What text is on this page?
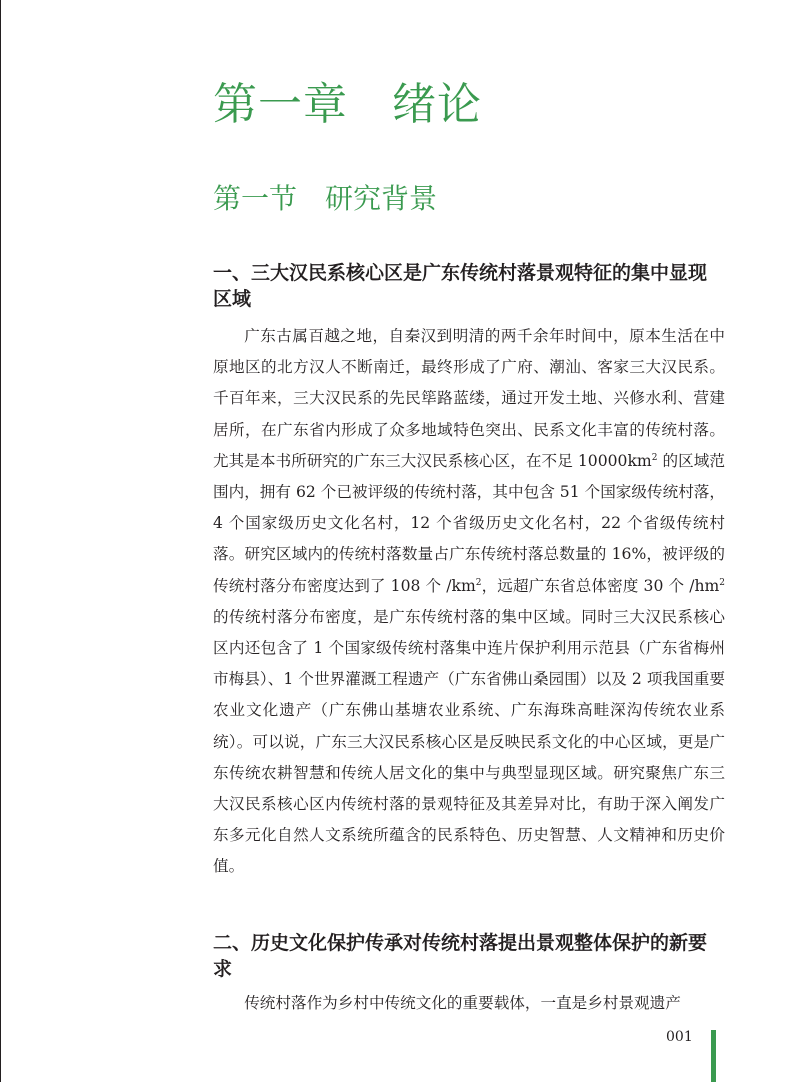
第一章 绪论
第一节 研究背景
一、三大汉民系核心区是广东传统村落景观特征的集中显现区域

广东古属百越之地，自秦汉到明清的两千余年时间中，原本生活在中原地区的北方汉人不断南迁，最终形成了广府、潮汕、客家三大汉民系。千百年来，三大汉民系的先民筚路蓝缕，通过开发土地、兴修水利、营建居所，在广东省内形成了众多地域特色突出、民系文化丰富的传统村落。尤其是本书所研究的广东三大汉民系核心区，在不足 $10000km^2$ 的区域范围内，拥有 62 个已被评级的传统村落，其中包含 51 个国家级传统村落，4 个国家级历史文化名村，12 个省级历史文化名村，22 个省级传统村落。研究区域内的传统村落数量占广东传统村落总数量的 16%，被评级的传统村落分布密度达到了 108 个 $/km^2$，远超广东省总体密度 30 个 $/hm^2$ 的传统村落分布密度，是广东传统村落的集中区域。同时三大汉民系核心区内还包含了 1 个国家级传统村落集中连片保护利用示范县（广东省梅州市梅县）、1 个世界灌溉工程遗产（广东省佛山桑园围）以及 2 项我国重要农业文化遗产（广东佛山基塘农业系统、广东海珠高畦深沟传统农业系统）。可以说，广东三大汉民系核心区是反映民系文化的中心区域，更是广东传统农耕智慧和传统人居文化的集中与典型显现区域。研究聚焦广东三大汉民系核心区内传统村落的景观特征及其差异对比，有助于深入阐发广东多元化自然人文系统所蕴含的民系特色、历史智慧、人文精神和历史价值。

二、历史文化保护传承对传统村落提出景观整体保护的新要求

传统村落作为乡村中传统文化的重要载体，一直是乡村景观遗产

001
